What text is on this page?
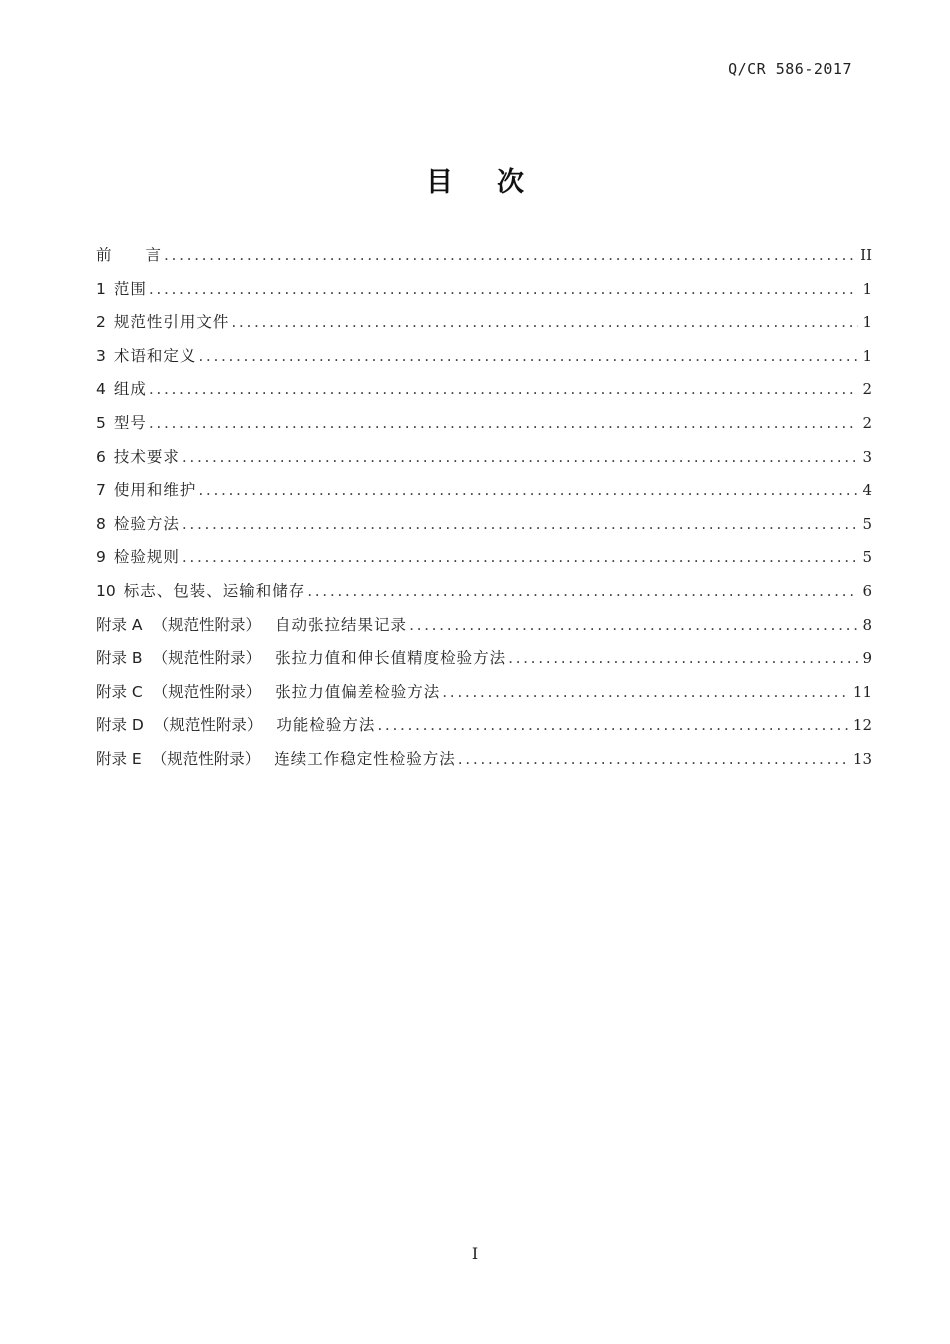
Q/CR 586-2017
目 次
前　　言 .....	II
1 范围 .....	1
2 规范性引用文件 .....	1
3 术语和定义 .....	1
4 组成 .....	2
5 型号 .....	2
6 技术要求 .....	3
7 使用和维护 .....	4
8 检验方法 .....	5
9 检验规则 .....	5
10 标志、包装、运输和储存 .....	6
附录 A （规范性附录） 自动张拉结果记录 .....	8
附录 B （规范性附录） 张拉力值和伸长值精度检验方法 .....	9
附录 C （规范性附录） 张拉力值偏差检验方法 .....	11
附录 D （规范性附录） 功能检验方法 .....	12
附录 E （规范性附录） 连续工作稳定性检验方法 .....	13
I
